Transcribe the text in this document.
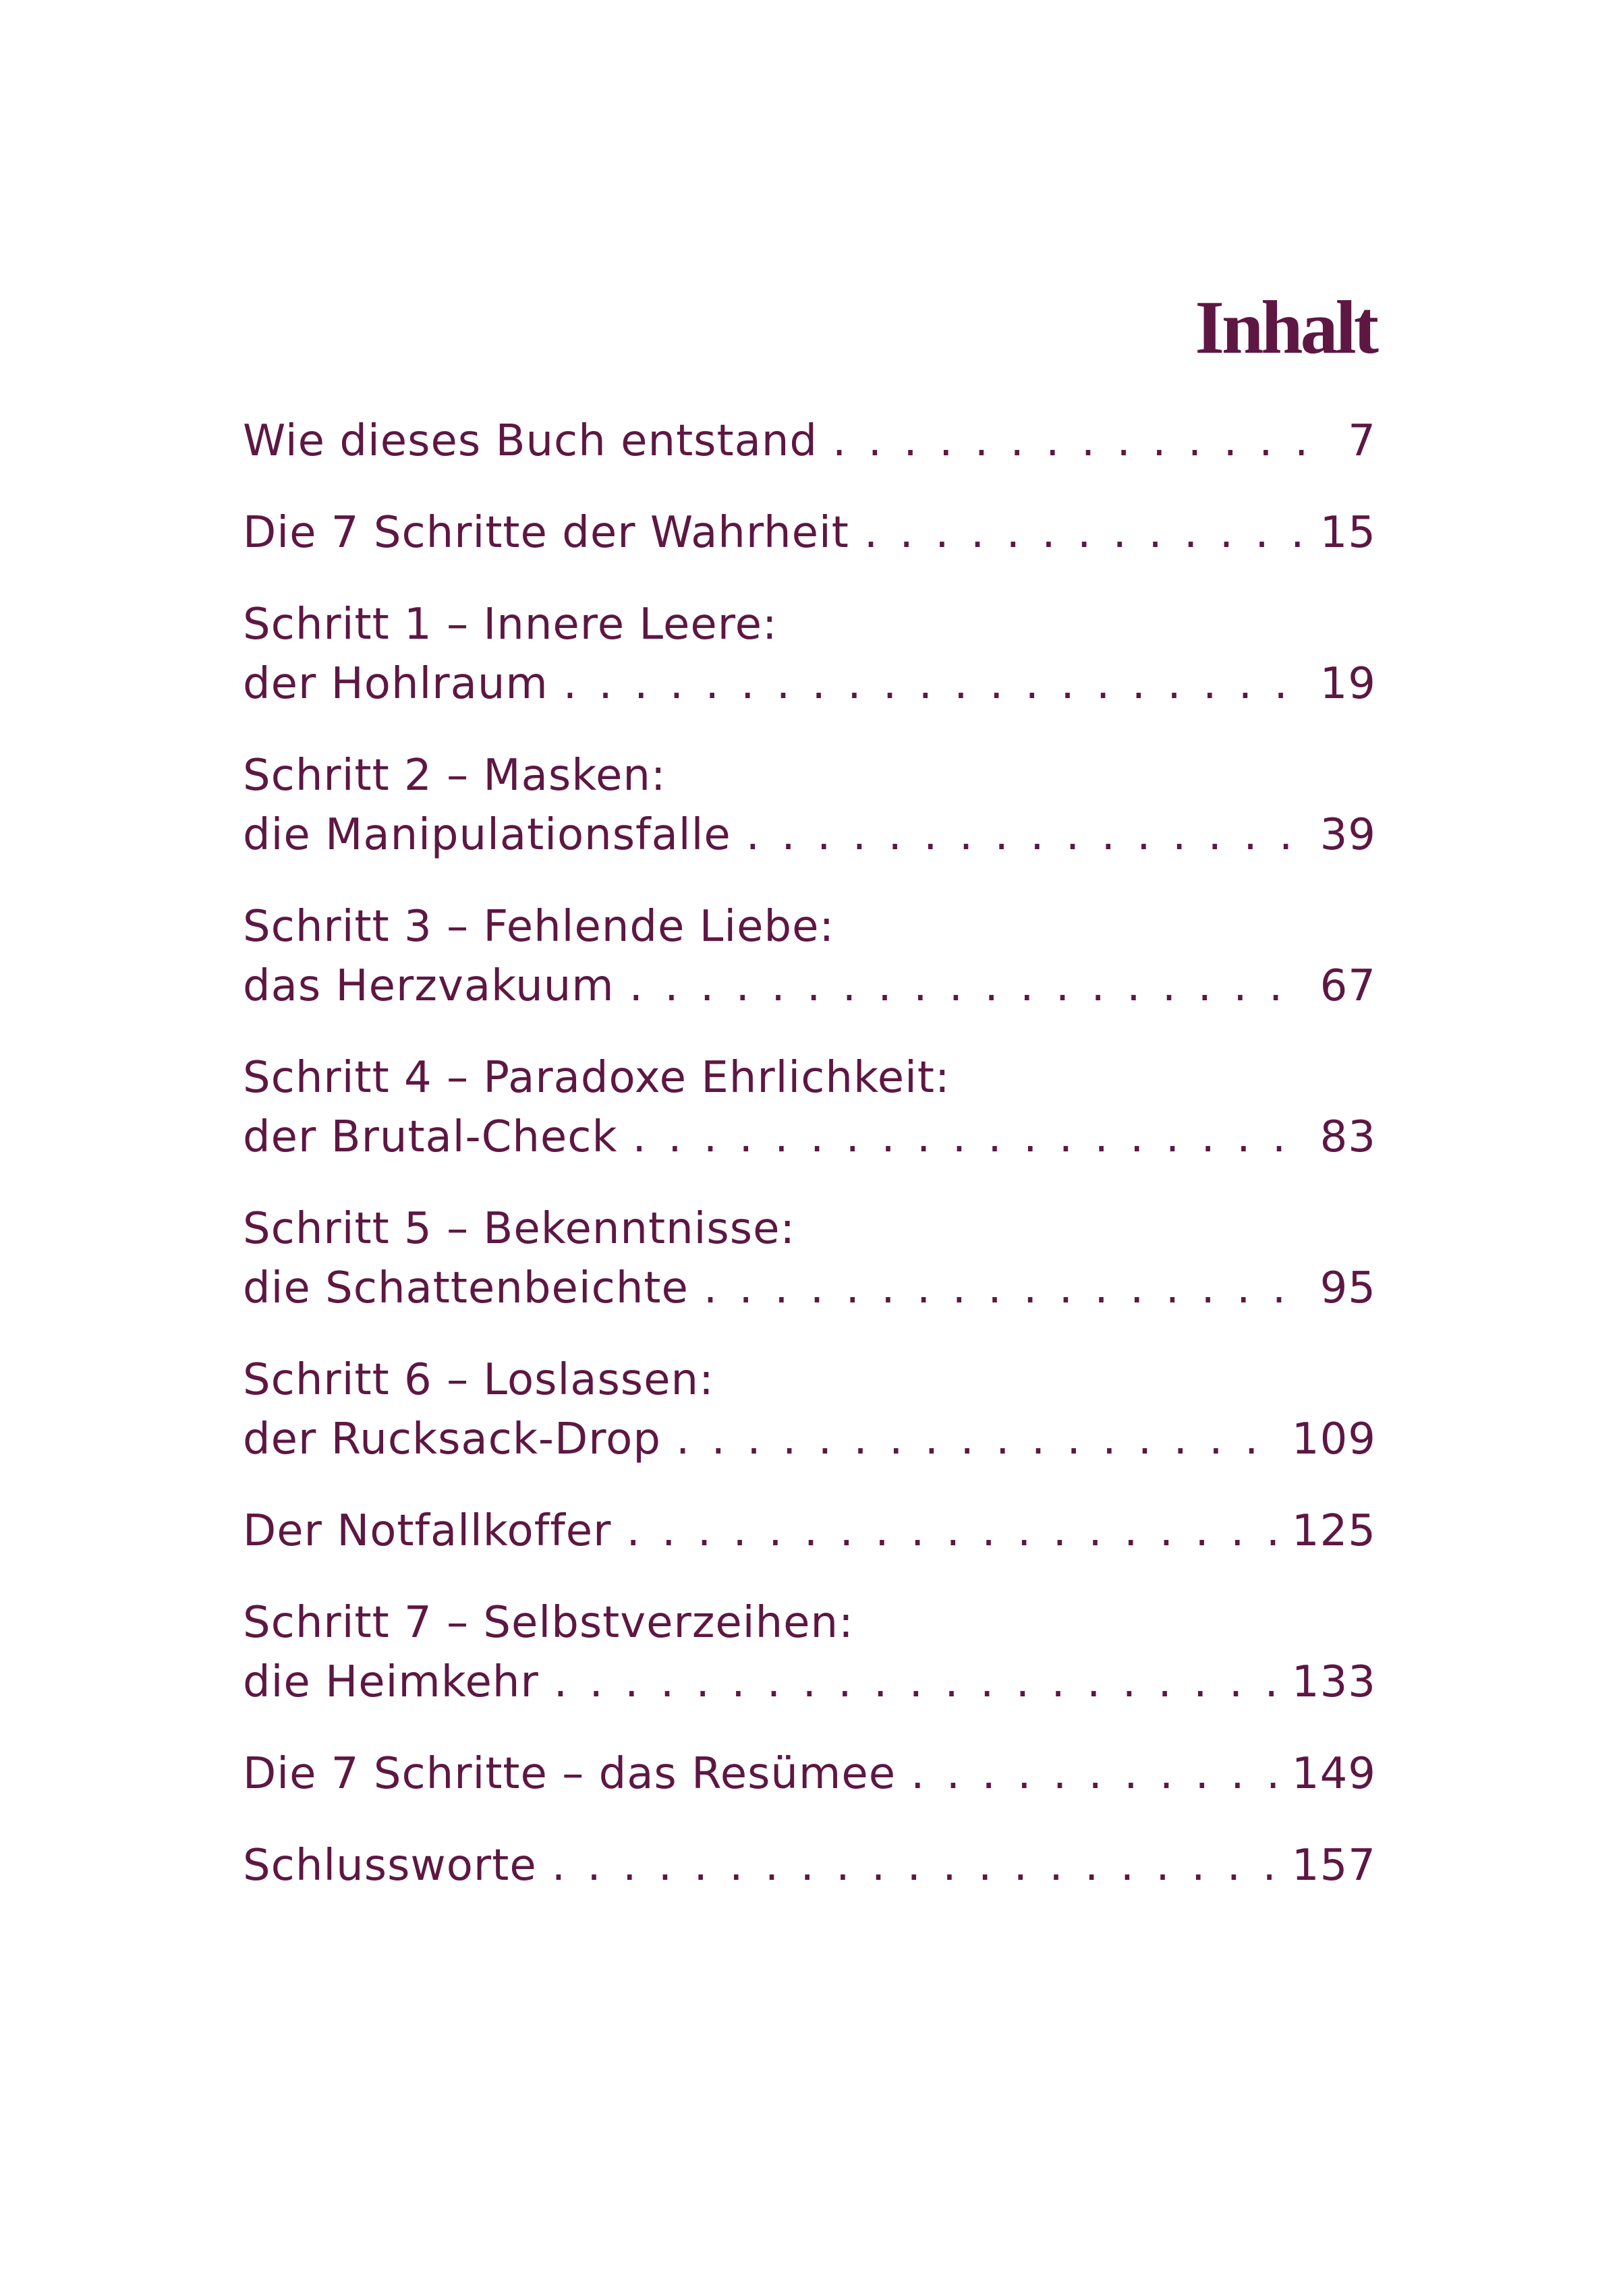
Inhalt
Wie dieses Buch entstand . . .	7
Die 7 Schritte der Wahrheit . . .	15
Schritt 1 – Innere Leere:
der Hohlraum . . .	19
Schritt 2 – Masken:
die Manipulationsfalle . . .	39
Schritt 3 – Fehlende Liebe:
das Herzvakuum . . .	67
Schritt 4 – Paradoxe Ehrlichkeit:
der Brutal-Check . . .	83
Schritt 5 – Bekenntnisse:
die Schattenbeichte . . .	95
Schritt 6 – Loslassen:
der Rucksack-Drop . . .	109
Der Notfallkoffer . . .	125
Schritt 7 – Selbstverzeihen:
die Heimkehr . . .	133
Die 7 Schritte – das Resümee . . .	149
Schlussworte . . .	157
